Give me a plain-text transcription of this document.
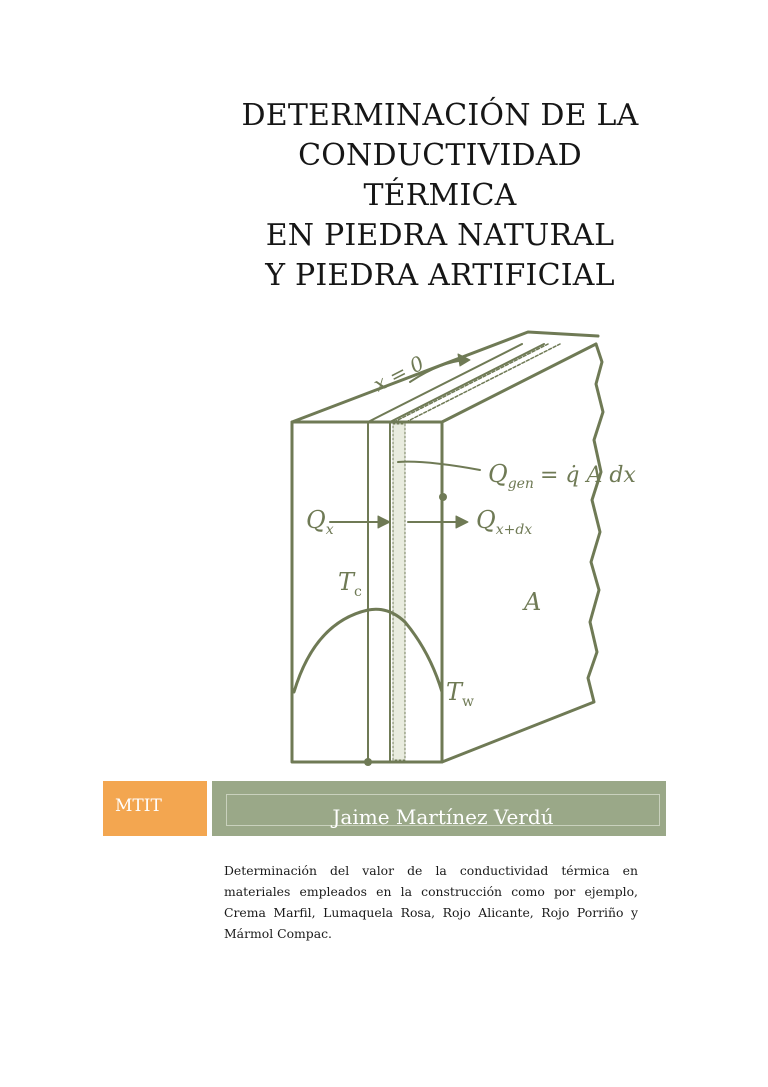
DETERMINACIÓN DE LA
CONDUCTIVIDAD
TÉRMICA
EN PIEDRA NATURAL
Y PIEDRA ARTIFICIAL
x = 0
$Q_{gen}$ = q̇ A dx
$Q_x$	$Q_{x+dx}$
$T_c$	A
$T_w$
MTIT	Jaime Martínez Verdú

Determinación del valor de la conductividad térmica en materiales empleados en la construcción como por ejemplo, Crema Marfil, Lumaquela Rosa, Rojo Alicante, Rojo Porriño y Mármol Compac.
